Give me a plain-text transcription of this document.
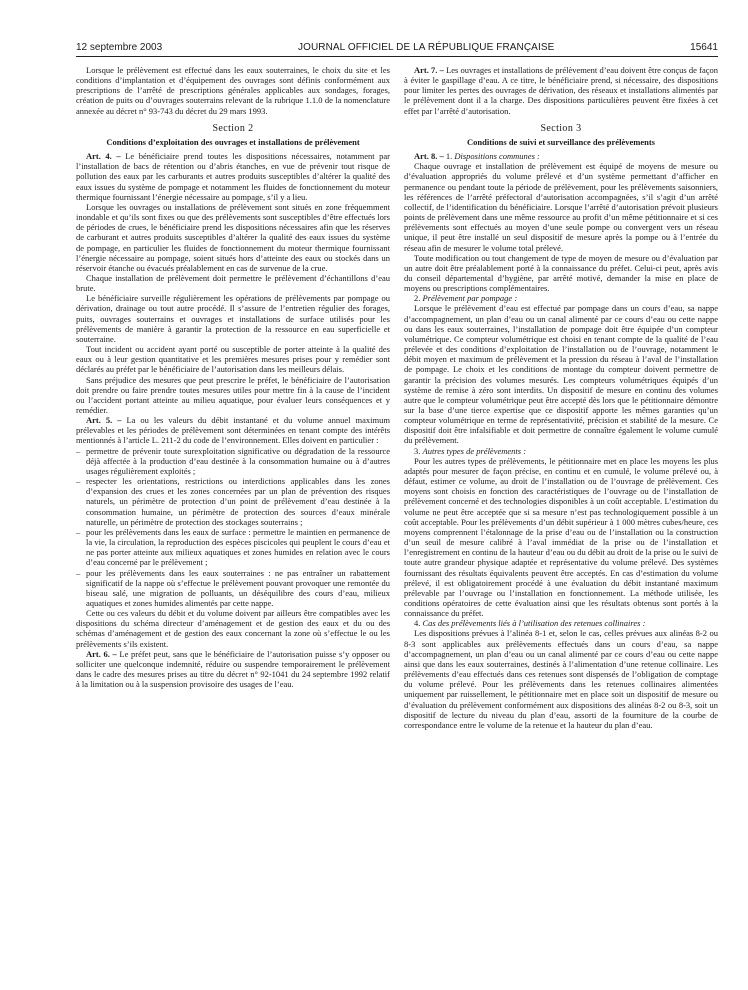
12 septembre 2003	JOURNAL OFFICIEL DE LA RÉPUBLIQUE FRANÇAISE	15641

Lorsque le prélèvement est effectué dans les eaux souterraines, le choix du site et les conditions d’implantation et d’équipement des ouvrages sont définis conformément aux prescriptions de l’arrêté de prescriptions générales applicables aux sondages, forages, création de puits ou d’ouvrages souterrains relevant de la rubrique 1.1.0 de la nomenclature annexée au décret n° 93-743 du décret du 29 mars 1993.

Section 2
Conditions d’exploitation des ouvrages et installations de prélèvement

Art. 4. – Le bénéficiaire prend toutes les dispositions nécessaires, notamment par l’installation de bacs de rétention ou d’abris étanches, en vue de prévenir tout risque de pollution des eaux par les carburants et autres produits susceptibles d’altérer la qualité des eaux issues du système de pompage et notamment les fluides de fonctionnement du moteur thermique fournissant l’énergie nécessaire au pompage, s’il y a lieu.

Lorsque les ouvrages ou installations de prélèvement sont situés en zone fréquemment inondable et qu’ils sont fixes ou que des prélèvements sont susceptibles d’être effectués lors de périodes de crues, le bénéficiaire prend les dispositions nécessaires afin que les réserves de carburant et autres produits susceptibles d’altérer la qualité des eaux issues du système de pompage, en particulier les fluides de fonctionnement du moteur thermique fournissant l’énergie nécessaire au pompage, soient situés hors d’atteinte des eaux ou stockés dans un réservoir étanche ou évacués préalablement en cas de survenue de la crue.

Chaque installation de prélèvement doit permettre le prélèvement d’échantillons d’eau brute.

Le bénéficiaire surveille régulièrement les opérations de prélèvements par pompage ou dérivation, drainage ou tout autre procédé. Il s’assure de l’entretien régulier des forages, puits, ouvrages souterrains et ouvrages et installations de surface utilisés pour les prélèvements de manière à garantir la protection de la ressource en eau superficielle et souterraine.

Tout incident ou accident ayant porté ou susceptible de porter atteinte à la qualité des eaux ou à leur gestion quantitative et les premières mesures prises pour y remédier sont déclarés au préfet par le bénéficiaire de l’autorisation dans les meilleurs délais.

Sans préjudice des mesures que peut prescrire le préfet, le bénéficiaire de l’autorisation doit prendre ou faire prendre toutes mesures utiles pour mettre fin à la cause de l’incident ou l’accident portant atteinte au milieu aquatique, pour évaluer leurs conséquences et y remédier.

Art. 5. – La ou les valeurs du débit instantané et du volume annuel maximum prélevables et les périodes de prélèvement sont déterminées en tenant compte des intérêts mentionnés à l’article L. 211-2 du code de l’environnement. Elles doivent en particulier :

– permettre de prévenir toute surexploitation significative ou dégradation de la ressource déjà affectée à la production d’eau destinée à la consommation humaine ou à d’autres usages régulièrement exploités ;
– respecter les orientations, restrictions ou interdictions applicables dans les zones d’expansion des crues et les zones concernées par un plan de prévention des risques naturels, un périmètre de protection d’un point de prélèvement d’eau destinée à la consommation humaine, un périmètre de protection des sources d’eaux minérale naturelle, un périmètre de protection des stockages souterrains ;
– pour les prélèvements dans les eaux de surface : permettre le maintien en permanence de la vie, la circulation, la reproduction des espèces piscicoles qui peuplent le cours d’eau et ne pas porter atteinte aux milieux aquatiques et zones humides en relation avec le cours d’eau concerné par le prélèvement ;
– pour les prélèvements dans les eaux souterraines : ne pas entraîner un rabattement significatif de la nappe où s’effectue le prélèvement pouvant provoquer une remontée du biseau salé, une migration de polluants, un déséquilibre des cours d’eau, milieux aquatiques et zones humides alimentés par cette nappe.

Cette ou ces valeurs du débit et du volume doivent par ailleurs être compatibles avec les dispositions du schéma directeur d’aménagement et de gestion des eaux et du ou des schémas d’aménagement et de gestion des eaux concernant la zone où s’effectue le ou les prélèvements s’ils existent.

Art. 6. – Le préfet peut, sans que le bénéficiaire de l’autorisation puisse s’y opposer ou solliciter une quelconque indemnité, réduire ou suspendre temporairement le prélèvement dans le cadre des mesures prises au titre du décret n° 92-1041 du 24 septembre 1992 relatif à la limitation ou à la suspension provisoire des usages de l’eau.

Art. 7. – Les ouvrages et installations de prélèvement d’eau doivent être conçus de façon à éviter le gaspillage d’eau. A ce titre, le bénéficiaire prend, si nécessaire, des dispositions pour limiter les pertes des ouvrages de dérivation, des réseaux et installations alimentés par le prélèvement dont il a la charge. Des dispositions particulières peuvent être fixées à cet effet par l’arrêté d’autorisation.

Section 3
Conditions de suivi et surveillance des prélèvements

Art. 8. – 1. Dispositions communes :

Chaque ouvrage et installation de prélèvement est équipé de moyens de mesure ou d’évaluation appropriés du volume prélevé et d’un système permettant d’afficher en permanence ou pendant toute la période de prélèvement, pour les prélèvements saisonniers, les références de l’arrêté préfectoral d’autorisation accompagnées, s’il s’agit d’un arrêté collectif, de l’identification du bénéficiaire. Lorsque l’arrêté d’autorisation prévoit plusieurs points de prélèvement dans une même ressource au profit d’un même pétitionnaire et si ces prélèvements sont effectués au moyen d’une seule pompe ou convergent vers un réseau unique, il peut être installé un seul dispositif de mesure après la pompe ou à l’entrée du réseau afin de mesurer le volume total prélevé.

Toute modification ou tout changement de type de moyen de mesure ou d’évaluation par un autre doit être préalablement porté à la connaissance du préfet. Celui-ci peut, après avis du conseil départemental d’hygiène, par arrêté motivé, demander la mise en place de moyens ou prescriptions complémentaires.

2. Prélèvement par pompage :

Lorsque le prélèvement d’eau est effectué par pompage dans un cours d’eau, sa nappe d’accompagnement, un plan d’eau ou un canal alimenté par ce cours d’eau ou cette nappe ou dans les eaux souterraines, l’installation de pompage doit être équipée d’un compteur volumétrique. Ce compteur volumétrique est choisi en tenant compte de la qualité de l’eau prélevée et des conditions d’exploitation de l’installation ou de l’ouvrage, notamment le débit moyen et maximum de prélèvement et la pression du réseau à l’aval de l’installation de pompage. Le choix et les conditions de montage du compteur doivent permettre de garantir la précision des volumes mesurés. Les compteurs volumétriques équipés d’un système de remise à zéro sont interdits. Un dispositif de mesure en continu des volumes autre que le compteur volumétrique peut être accepté dès lors que le pétitionnaire démontre sur la base d’une tierce expertise que ce dispositif apporte les mêmes garanties qu’un compteur volumétrique en terme de représentativité, précision et stabilité de la mesure. Ce dispositif doit être infalsifiable et doit permettre de connaître également le volume cumulé du prélèvement.

3. Autres types de prélèvements :

Pour les autres types de prélèvements, le pétitionnaire met en place les moyens les plus adaptés pour mesurer de façon précise, en continu et en cumulé, le volume prélevé ou, à défaut, estimer ce volume, au droit de l’installation ou de l’ouvrage de prélèvement. Ces moyens sont choisis en fonction des caractéristiques de l’ouvrage ou de l’installation de prélèvement concerné et des technologies disponibles à un coût acceptable. L’estimation du volume ne peut être acceptée que si sa mesure n’est pas technologiquement possible à un coût acceptable. Pour les prélèvements d’un débit supérieur à 1 000 mètres cubes/heure, ces moyens comprennent l’étalonnage de la prise d’eau ou de l’installation ou la construction d’un seuil de mesure calibré à l’aval immédiat de la prise ou de l’installation et l’enregistrement en continu de la hauteur d’eau ou du débit au droit de la prise ou le suivi de toute autre grandeur physique adaptée et représentative du volume prélevé. Des systèmes fournissant des résultats équivalents peuvent être acceptés. En cas d’estimation du volume prélevé, il est obligatoirement procédé à une évaluation du débit instantané maximum prélevable par l’ouvrage ou l’installation en fonctionnement. La méthode utilisée, les conditions opératoires de cette évaluation ainsi que les résultats obtenus sont portés à la connaissance du préfet.

4. Cas des prélèvements liés à l’utilisation des retenues collinaires :

Les dispositions prévues à l’alinéa 8-1 et, selon le cas, celles prévues aux alinéas 8-2 ou 8-3 sont applicables aux prélèvements effectués dans un cours d’eau, sa nappe d’accompagnement, un plan d’eau ou un canal alimenté par ce cours d’eau ou cette nappe ainsi que dans les eaux souterraines, destinés à l’alimentation d’une retenue collinaire. Les prélèvements d’eau effectués dans ces retenues sont dispensés de l’obligation de comptage du volume prélevé. Pour les prélèvements dans les retenues collinaires alimentées uniquement par ruissellement, le pétitionnaire met en place soit un dispositif de mesure ou d’évaluation du prélèvement conformément aux dispositions des alinéas 8-2 ou 8-3, soit un dispositif de lecture du niveau du plan d’eau, assorti de la fourniture de la courbe de correspondance entre le volume de la retenue et la hauteur du plan d’eau.
